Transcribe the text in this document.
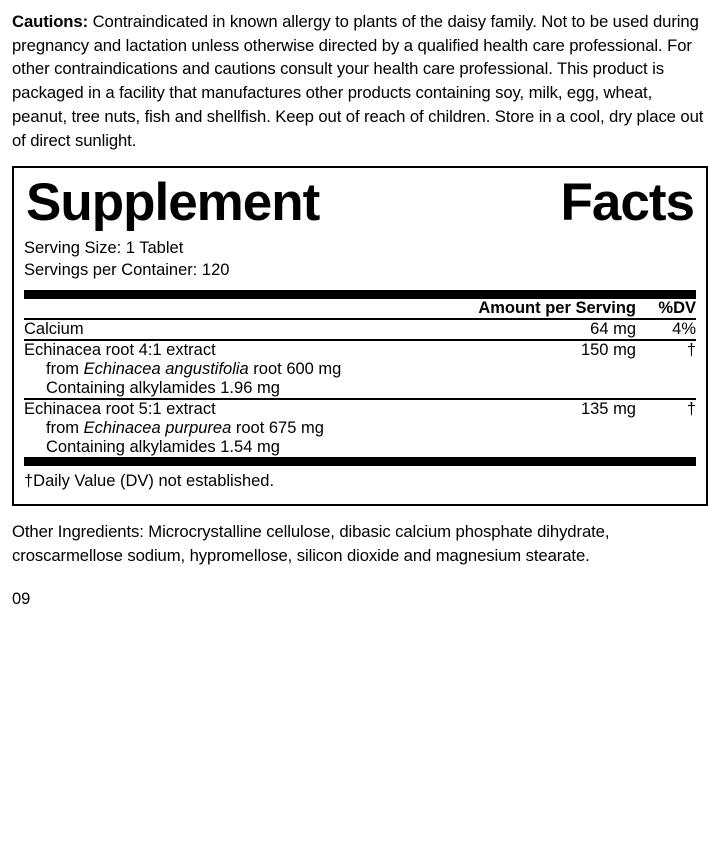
Cautions: Contraindicated in known allergy to plants of the daisy family. Not to be used during pregnancy and lactation unless otherwise directed by a qualified health care professional. For other contraindications and cautions consult your health care professional. This product is packaged in a facility that manufactures other products containing soy, milk, egg, wheat, peanut, tree nuts, fish and shellfish. Keep out of reach of children. Store in a cool, dry place out of direct sunlight.

Supplement	Facts
Serving Size: 1 Tablet
Servings per Container: 120
	Amount per Serving	%DV

Calcium	64 mg	4%

Echinacea root 4:1 extract	150 mg	†
from Echinacea angustifolia root 600 mg		
Containing alkylamides 1.96 mg		

Echinacea root 5:1 extract	135 mg	†
from Echinacea purpurea root 675 mg		
Containing alkylamides 1.54 mg		
†Daily Value (DV) not established.

Other Ingredients: Microcrystalline cellulose, dibasic calcium phosphate dihydrate, croscarmellose sodium, hypromellose, silicon dioxide and magnesium stearate.

09
